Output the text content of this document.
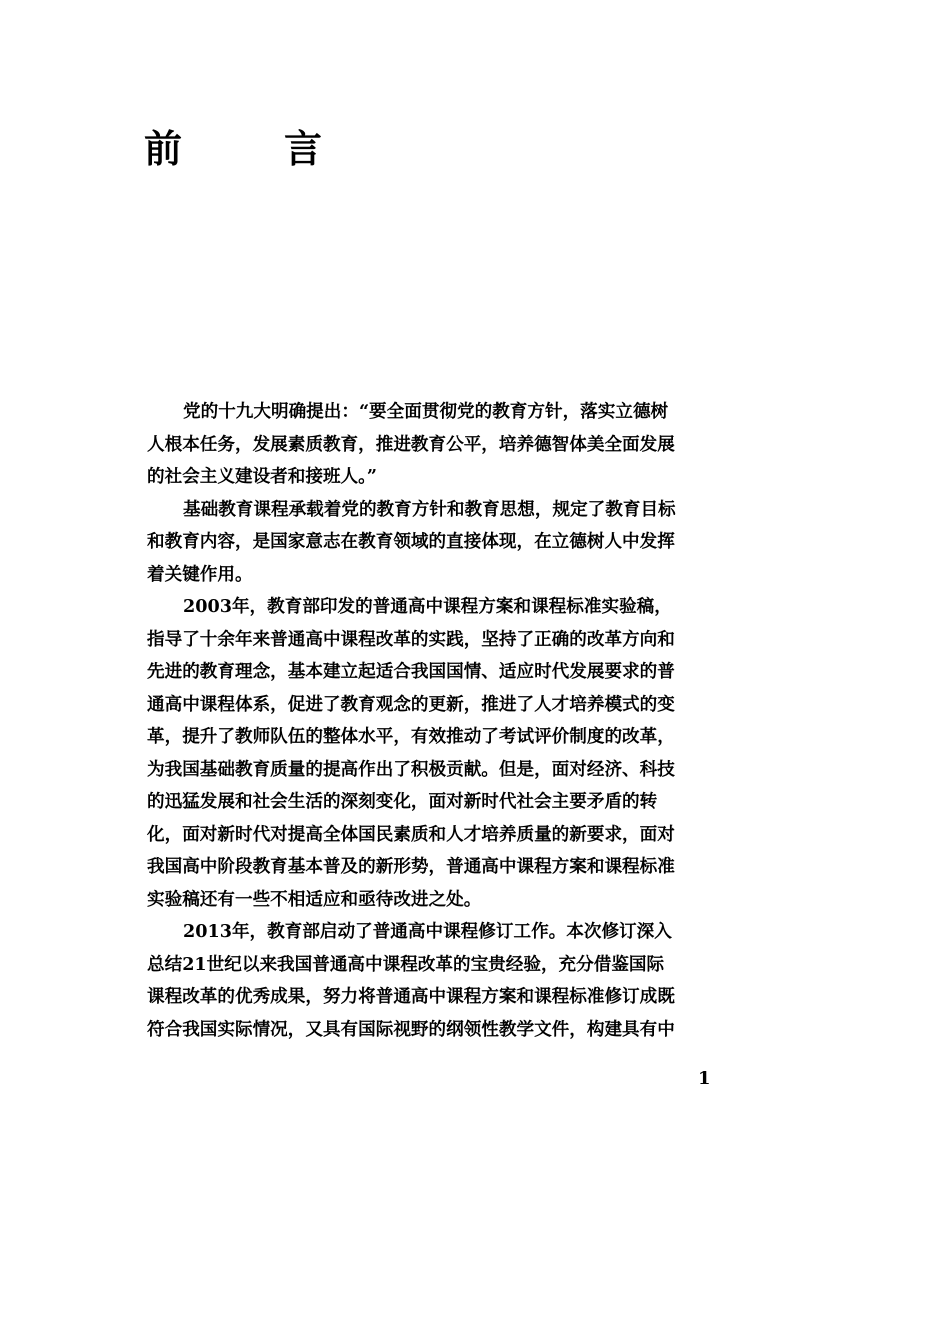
前　言
党的十九大明确提出：“要全面贯彻党的教育方针，落实立德树
人根本任务，发展素质教育，推进教育公平，培养德智体美全面发展
的社会主义建设者和接班人。”
基础教育课程承载着党的教育方针和教育思想，规定了教育目标
和教育内容，是国家意志在教育领域的直接体现，在立德树人中发挥
着关键作用。
2003年，教育部印发的普通高中课程方案和课程标准实验稿，
指导了十余年来普通高中课程改革的实践，坚持了正确的改革方向和
先进的教育理念，基本建立起适合我国国情、适应时代发展要求的普
通高中课程体系，促进了教育观念的更新，推进了人才培养模式的变
革，提升了教师队伍的整体水平，有效推动了考试评价制度的改革，
为我国基础教育质量的提高作出了积极贡献。但是，面对经济、科技
的迅猛发展和社会生活的深刻变化，面对新时代社会主要矛盾的转
化，面对新时代对提高全体国民素质和人才培养质量的新要求，面对
我国高中阶段教育基本普及的新形势，普通高中课程方案和课程标准
实验稿还有一些不相适应和亟待改进之处。
2013年，教育部启动了普通高中课程修订工作。本次修订深入
总结21世纪以来我国普通高中课程改革的宝贵经验，充分借鉴国际
课程改革的优秀成果，努力将普通高中课程方案和课程标准修订成既
符合我国实际情况，又具有国际视野的纲领性教学文件，构建具有中
1
